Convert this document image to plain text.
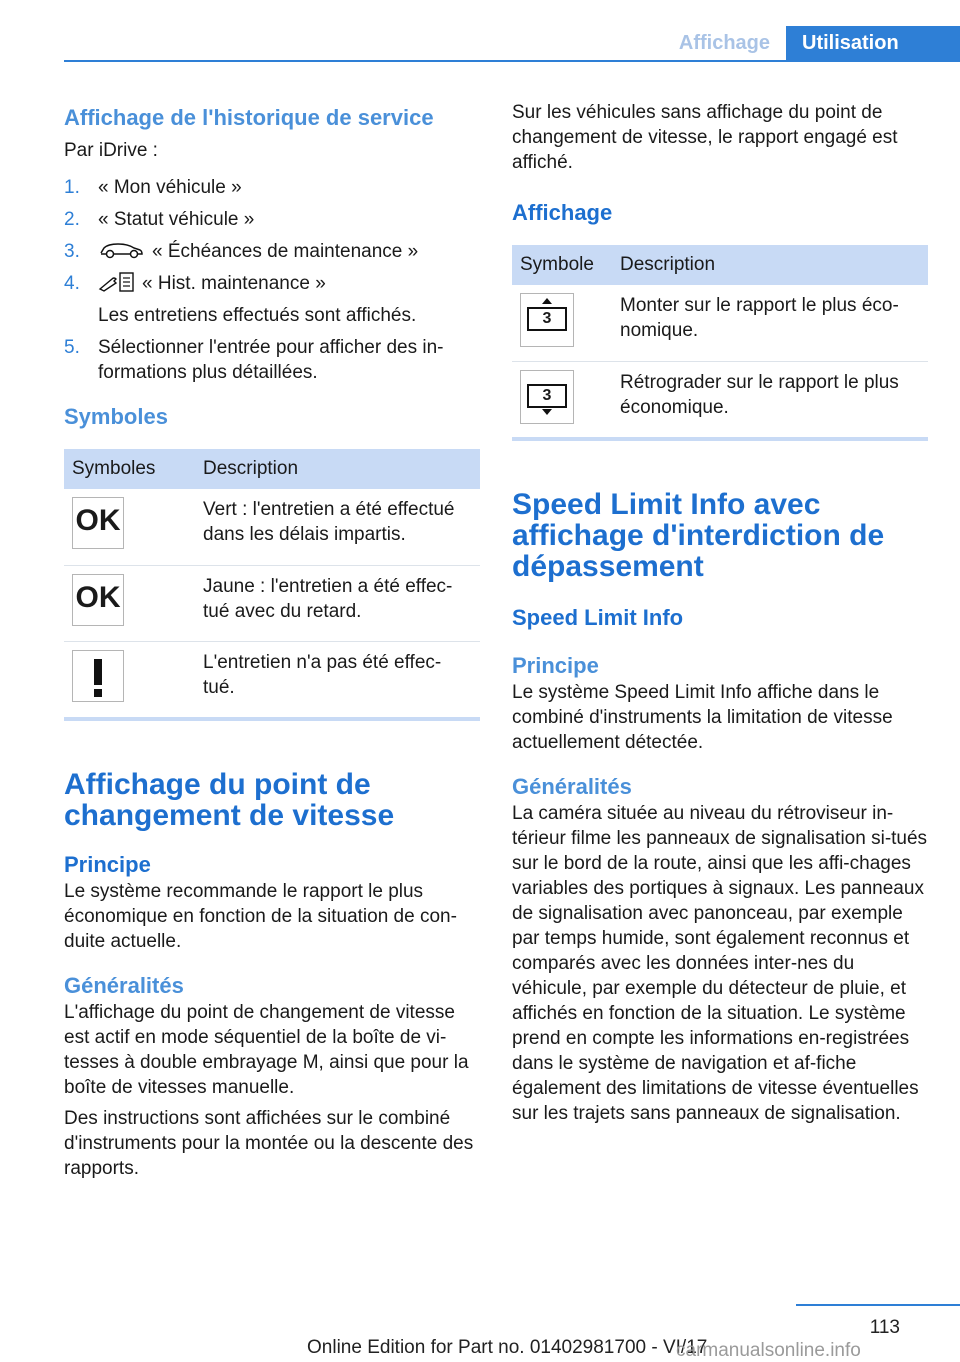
Affichage	Utilisation
Affichage de l'historique de service

Par iDrive :

1. « Mon véhicule »
2. « Statut véhicule »
3.	« Échéances de maintenance »
4.	« Hist. maintenance »
Les entretiens effectués sont affichés.
5. Sélectionner l'entrée pour afficher des in-formations plus détaillées.
Symboles
Symboles	Description

OK	Vert : l'entretien a été effectué dans les délais impartis.

OK	Jaune : l'entretien a été effec-tué avec du retard.

	L'entretien n'a pas été effec-tué.
Affichage du point de changement de vitesse
Principe

Le système recommande le rapport le plus économique en fonction de la situation de con-duite actuelle.

Généralités

L'affichage du point de changement de vitesse est actif en mode séquentiel de la boîte de vi-tesses à double embrayage M, ainsi que pour la boîte de vitesses manuelle.

Des instructions sont affichées sur le combiné d'instruments pour la montée ou la descente des rapports.

Sur les véhicules sans affichage du point de changement de vitesse, le rapport engagé est affiché.

Affichage
Symbole	Description

3	Monter sur le rapport le plus éco-nomique.

3	Rétrograder sur le rapport le plus économique.
Speed Limit Info avec affichage d'interdiction de dépassement
Speed Limit Info
Principe

Le système Speed Limit Info affiche dans le combiné d'instruments la limitation de vitesse actuellement détectée.

Généralités

La caméra située au niveau du rétroviseur in-térieur filme les panneaux de signalisation si-tués sur le bord de la route, ainsi que les affi-chages variables des portiques à signaux. Les panneaux de signalisation avec panonceau, par exemple par temps humide, sont également reconnus et comparés avec les données inter-nes du véhicule, par exemple du détecteur de pluie, et affichés en fonction de la situation. Le système prend en compte les informations en-registrées dans le système de navigation et af-fiche également des limitations de vitesse éventuelles sur les trajets sans panneaux de signalisation.

113
Online Edition for Part no. 01402981700 - VI/17
carmanualsonline.info
